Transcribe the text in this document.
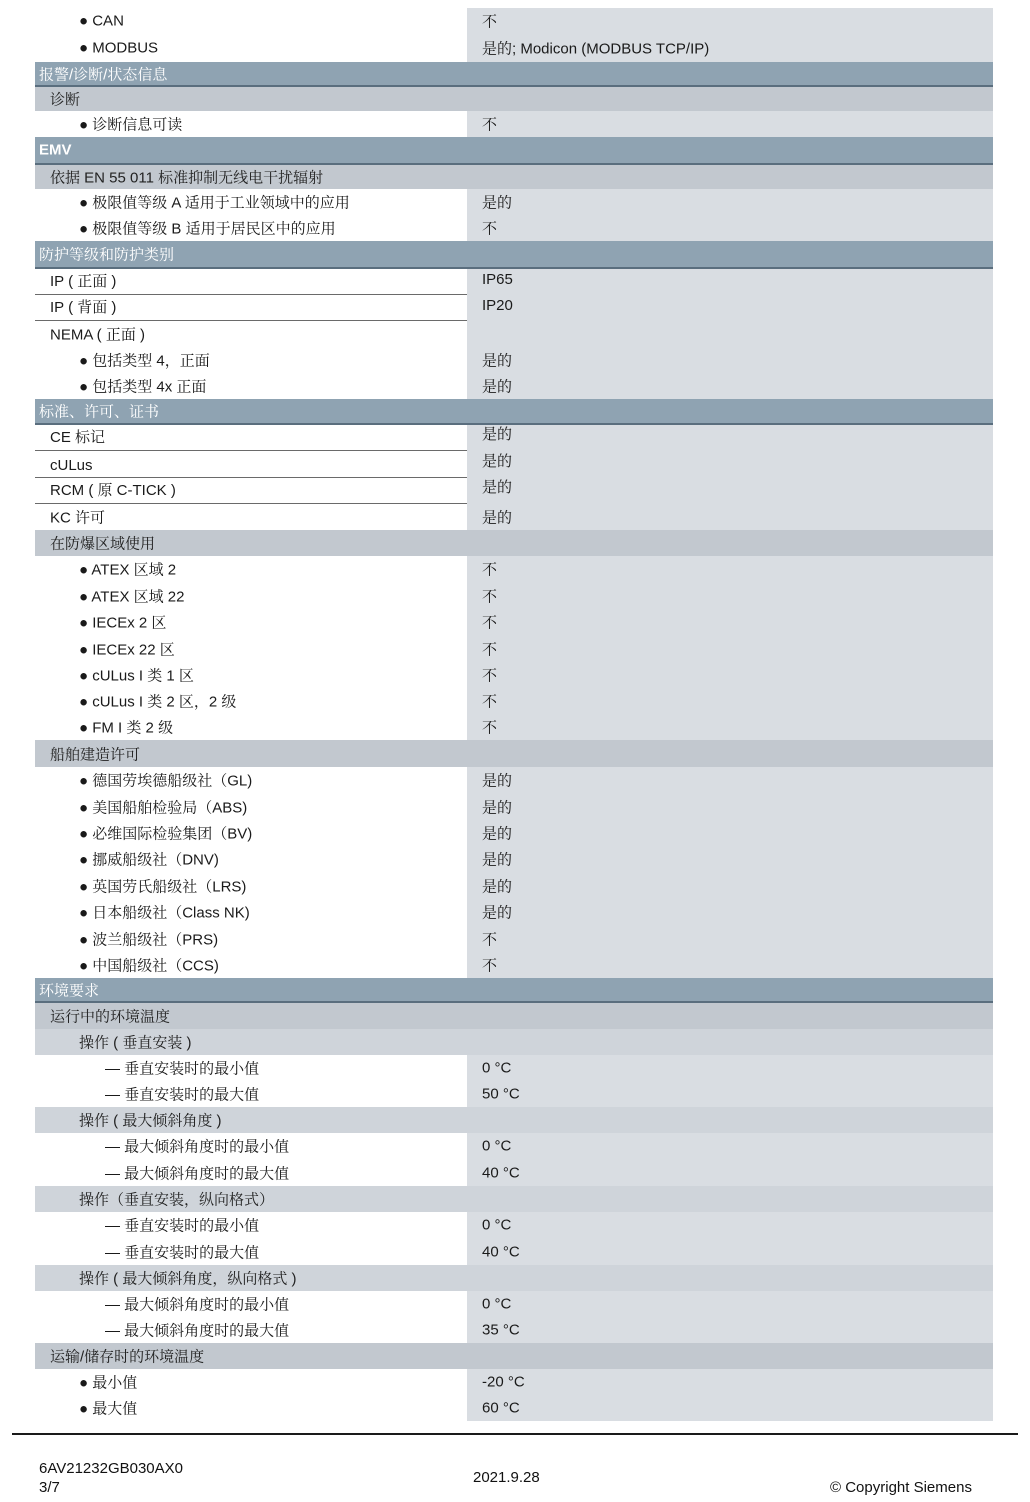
● CAN	不
● MODBUS	是的; Modicon (MODBUS TCP/IP)
报警/诊断/状态信息
诊断
● 诊断信息可读	不
EMV
依据 EN 55 011 标准抑制无线电干扰辐射
● 极限值等级 A 适用于工业领域中的应用	是的
● 极限值等级 B 适用于居民区中的应用	不
防护等级和防护类别
IP ( 正面 )	IP65
IP ( 背面 )	IP20
NEMA ( 正面 )
● 包括类型 4，正面	是的
● 包括类型 4x 正面	是的
标准、许可、证书
CE 标记	是的
cULus	是的
RCM ( 原 C-TICK )	是的
KC 许可	是的
在防爆区域使用
● ATEX 区域 2	不
● ATEX 区域 22	不
● IECEx 2 区	不
● IECEx 22 区	不
● cULus I 类 1 区	不
● cULus I 类 2 区，2 级	不
● FM I 类 2 级	不
船舶建造许可
● 德国劳埃德船级社（GL)	是的
● 美国船舶检验局（ABS)	是的
● 必维国际检验集团（BV)	是的
● 挪威船级社（DNV)	是的
● 英国劳氏船级社（LRS)	是的
● 日本船级社（Class NK)	是的
● 波兰船级社（PRS)	不
● 中国船级社（CCS)	不
环境要求
运行中的环境温度
操作 ( 垂直安装 )
— 垂直安装时的最小值	0 °C
— 垂直安装时的最大值	50 °C
操作 ( 最大倾斜角度 )
— 最大倾斜角度时的最小值	0 °C
— 最大倾斜角度时的最大值	40 °C
操作（垂直安装，纵向格式）
— 垂直安装时的最小值	0 °C
— 垂直安装时的最大值	40 °C
操作 ( 最大倾斜角度，纵向格式 )
— 最大倾斜角度时的最小值	0 °C
— 最大倾斜角度时的最大值	35 °C
运输/储存时的环境温度
● 最小值	-20 °C
● 最大值	60 °C
6AV21232GB030AX0
3/7
2021.9.28
© Copyright Siemens
